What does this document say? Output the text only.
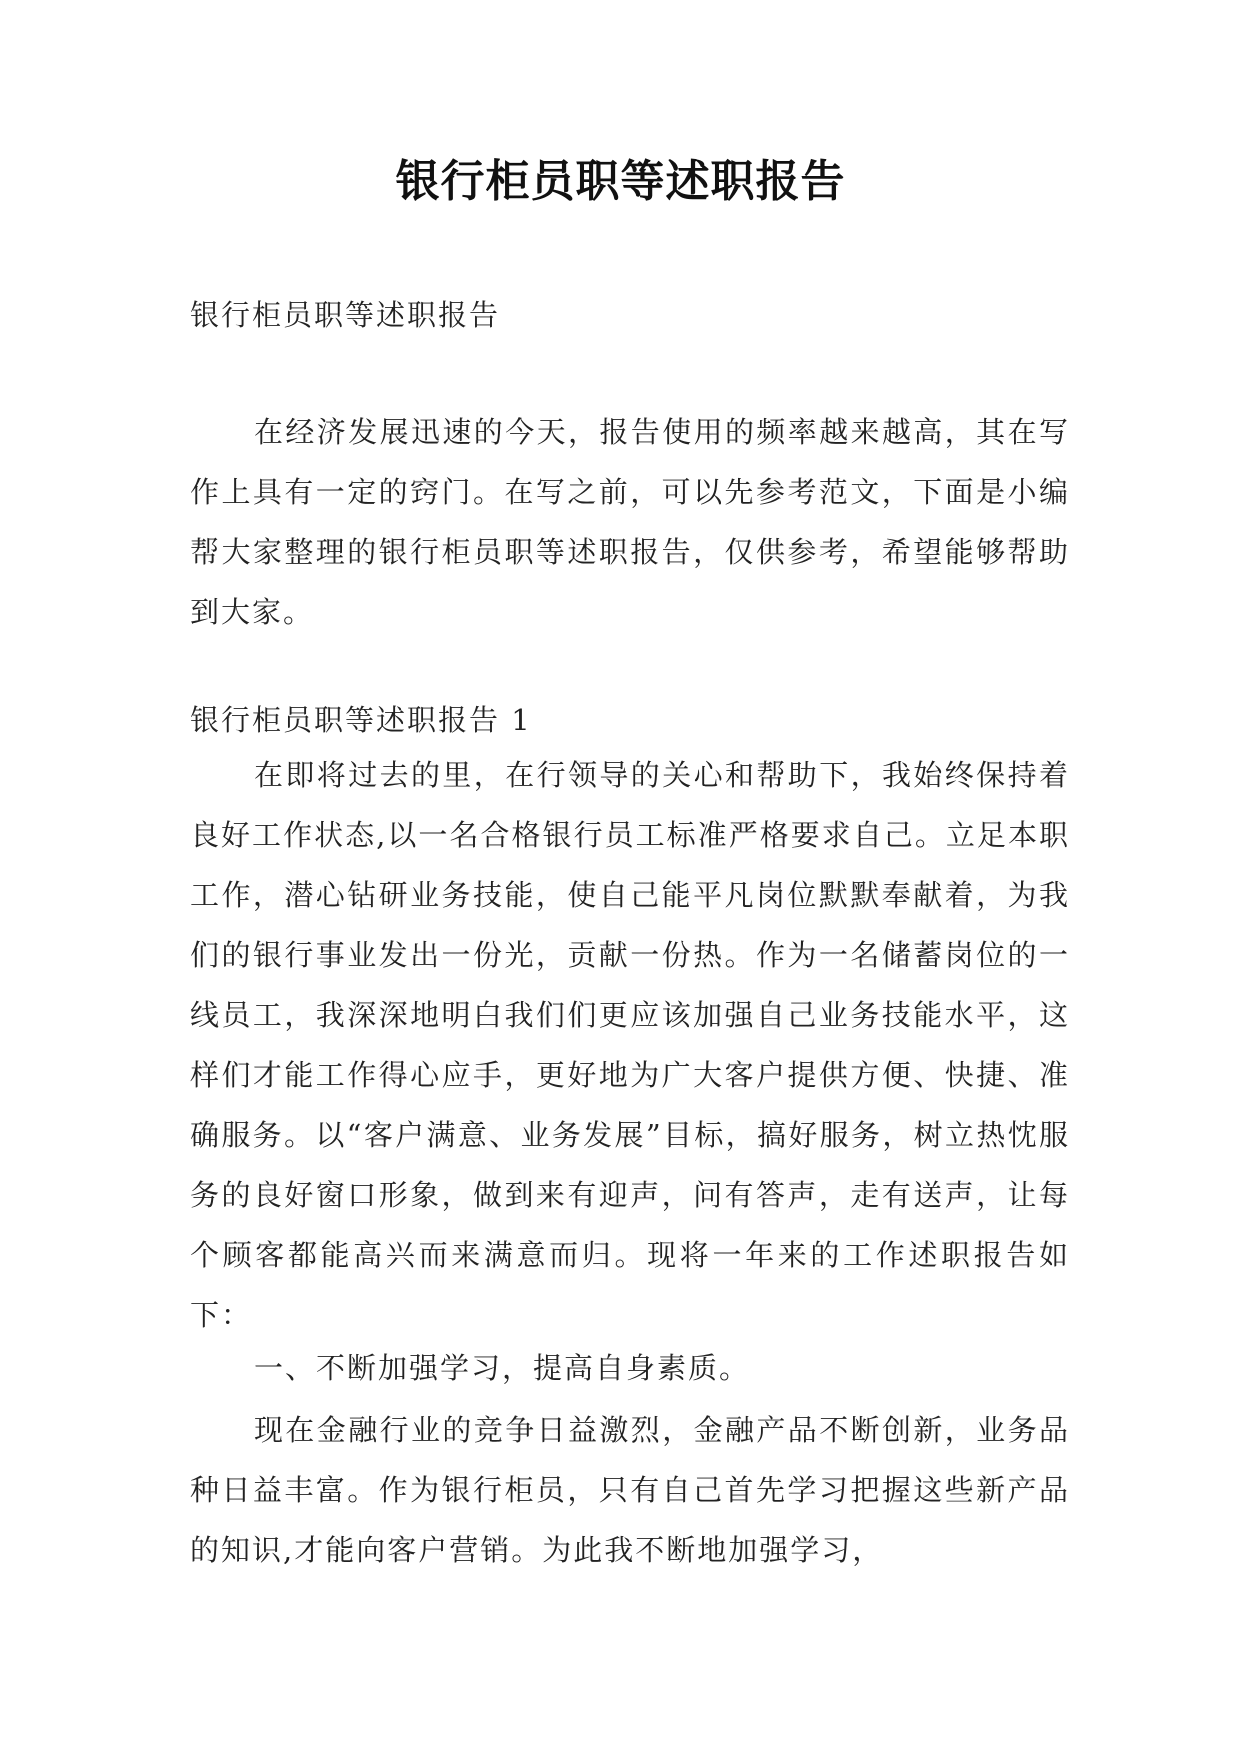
银行柜员职等述职报告
银行柜员职等述职报告
在经济发展迅速的今天，报告使用的频率越来越高，其在写作上具有一定的窍门。在写之前，可以先参考范文，下面是小编帮大家整理的银行柜员职等述职报告，仅供参考，希望能够帮助到大家。
银行柜员职等述职报告 1
在即将过去的里，在行领导的关心和帮助下，我始终保持着良好工作状态,以一名合格银行员工标准严格要求自己。立足本职工作，潜心钻研业务技能，使自己能平凡岗位默默奉献着，为我们的银行事业发出一份光，贡献一份热。作为一名储蓄岗位的一线员工，我深深地明白我们们更应该加强自己业务技能水平，这样们才能工作得心应手，更好地为广大客户提供方便、快捷、准确服务。以“客户满意、业务发展”目标，搞好服务，树立热忱服务的良好窗口形象，做到来有迎声，问有答声，走有送声，让每个顾客都能高兴而来满意而归。现将一年来的工作述职报告如下：
一、不断加强学习，提高自身素质。
现在金融行业的竞争日益激烈，金融产品不断创新，业务品种日益丰富。作为银行柜员，只有自己首先学习把握这些新产品的知识,才能向客户营销。为此我不断地加强学习，
